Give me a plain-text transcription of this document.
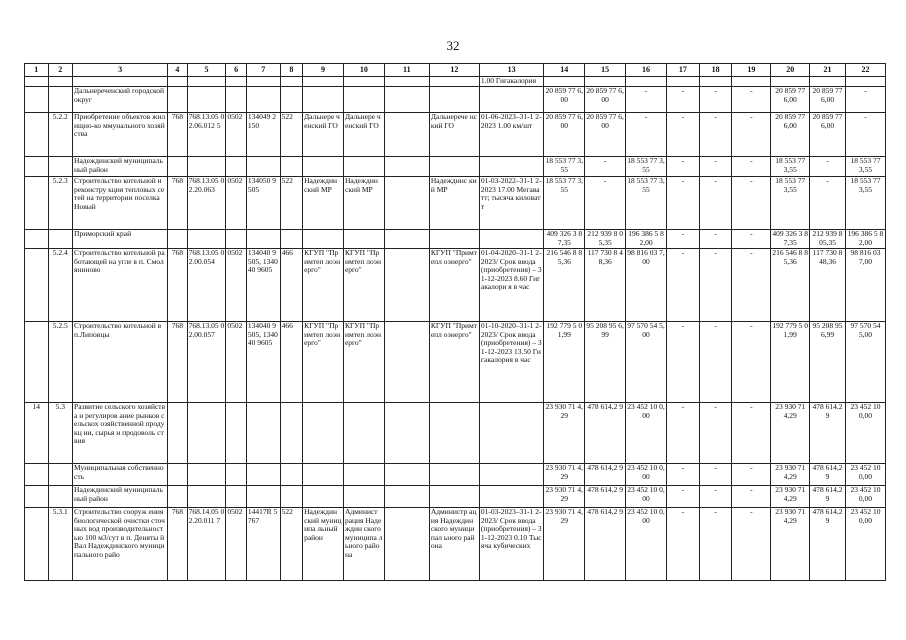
32
1	2	3	4	5	6	7	8	9	10	11	12	13	14	15	16	17	18	19	20	21	22
												1.00 Гигакалория									
		Дальнереченский городской округ											20 859 77 6,00	20 859 77 6,00	-	-	-	-	20 859 77 6,00	20 859 77 6,00	-
	5.2.2	Приобретение объектов жилищно-ко ммунального хозяйства	768	768.13.05 02.06.012 5	0502	134049 2150	522	Дальнере ченский ГО	Дальнере ченский ГО		Дальнерече нский ГО	01-06-2023–31-1 2-2023 1.00 км/шт	20 859 77 6,00	20 859 77 6,00	-	-	-	-	20 859 77 6,00	20 859 77 6,00	-
		Надеждинский муниципальный район											18 553 77 3,55	-	18 553 77 3,55	-	-	-	18 553 77 3,55	-	18 553 77 3,55
	5.2.3	Строительство котельной и реконстру кция тепловых сетей на территории поселка Новый	768	768.13.05 02.20.063	0502	134050 9505	522	Надеждин ский МР	Надеждин ский МР		Надеждинс кий МР	01-03-2022–31-1 2-2023 17.00 Мегаватт; тысяча киловатт	18 553 77 3,55	-	18 553 77 3,55	-	-	-	18 553 77 3,55	-	18 553 77 3,55
		Приморский край											409 326 3 87,35	212 939 8 05,35	196 386 5 82,00	-	-	-	409 326 3 87,35	212 939 8 05,35	196 386 5 82,00
	5.2.4	Строительство котельной работающей на угле в п. Смоляниново	768	768.13.05 02.00.054	0502	134040 9505, 134040 9605	466	КГУП "Примтеп лоэнерго"	КГУП "Примтеп лоэнерго"		КГУП "Примтепл оэнерго"	01-04-2020–31-1 2-2023/ Срок ввода (приобретения) – 31-12-2023 8.60 Гигакалори я в час	216 546 8 85,36	117 730 8 48,36	98 816 03 7,00	-	-	-	216 546 8 85,36	117 730 8 48,36	98 816 03 7,00
	5.2.5	Строительство котельной в п.Липовцы	768	768.13.05 02.00.057	0502	134040 9505, 134040 9605	466	КГУП "Примтеп лоэнерго"	КГУП "Примтеп лоэнерго"		КГУП "Примтепл оэнерго"	01-10-2020–31-1 2-2023/ Срок ввода (приобретения) – 31-12-2023 13.50 Гигакалория в час	192 779 5 01,99	95 208 95 6,99	97 570 54 5,00	-	-	-	192 779 5 01,99	95 208 95 6,99	97 570 54 5,00
14	5.3	Развитие сельского хозяйства и регулиров ание рынков сельскох озяйственной продукц ии, сырья и продоволь ствия											23 930 71 4,29	478 614,2 9	23 452 10 0,00	-	-	-	23 930 71 4,29	478 614,2 9	23 452 10 0,00
		Муниципальная собственность											23 930 71 4,29	478 614,2 9	23 452 10 0,00	-	-	-	23 930 71 4,29	478 614,2 9	23 452 10 0,00
		Надеждинский муниципальный район											23 930 71 4,29	478 614,2 9	23 452 10 0,00	-	-	-	23 930 71 4,29	478 614,2 9	23 452 10 0,00
	5.3.1	Строительство сооруж ения биологической очистки сточных вод производительностью 100 м3/сут в п. Деняты й Вал Надеждинского муниципального райо	768	768.14.05 02.20.011 7	0502	14417R 5767	522	Надеждин ский муниципа льный район	Админист рация Надеждин ского муниципа льного района		Администр ация Надеждин ского муниципал ьного района	01-03-2023–31-1 2-2023/ Срок ввода (приобретения) – 31-12-2023 0.10 Тысяча кубических	23 930 71 4,29	478 614,2 9	23 452 10 0,00	-	-	-	23 930 71 4,29	478 614,2 9	23 452 10 0,00
